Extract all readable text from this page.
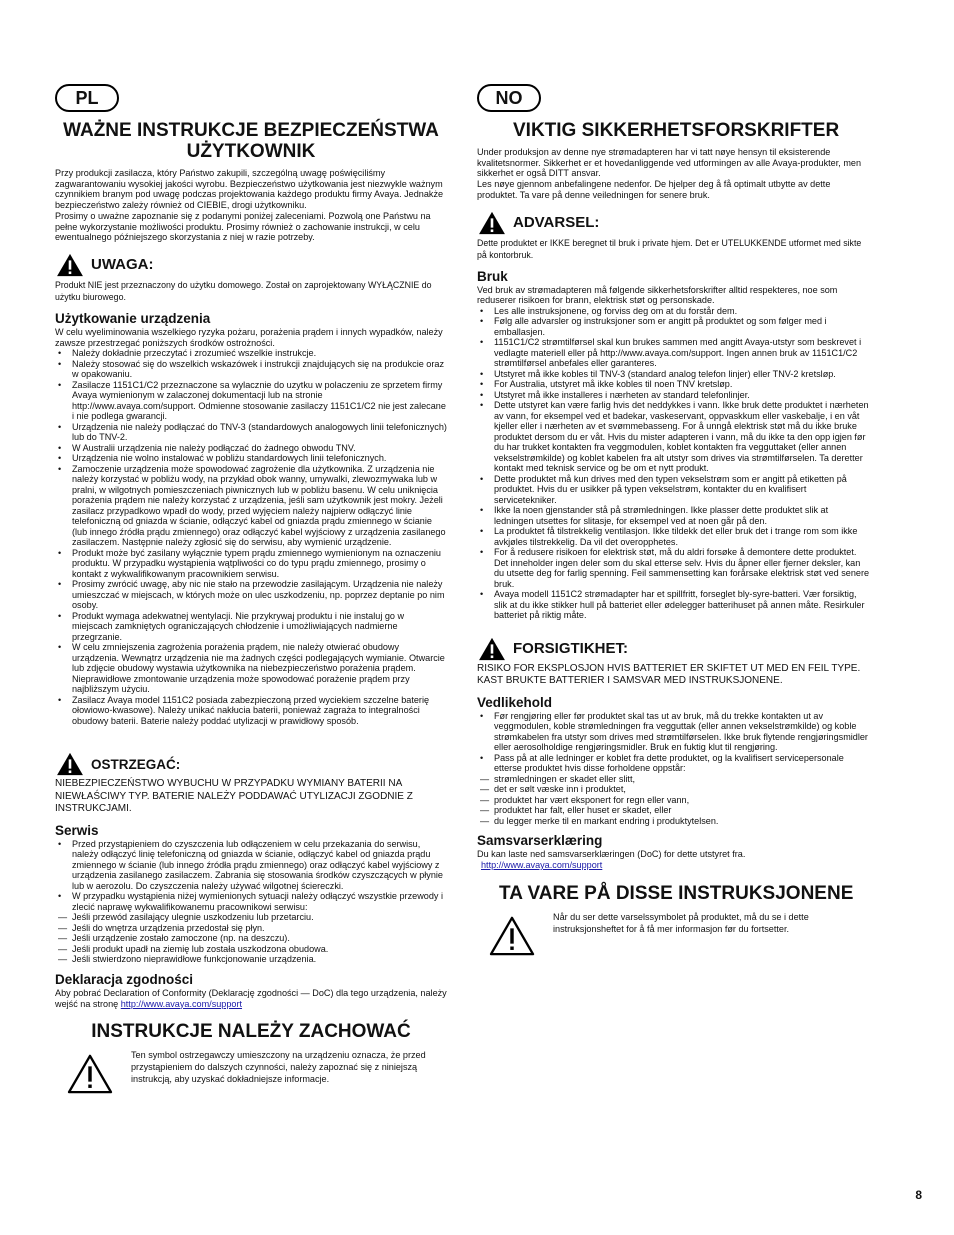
PL
WAŻNE INSTRUKCJE BEZPIECZEŃSTWA UŻYTKOWNIK

Przy produkcji zasilacza, który Państwo zakupili, szczególną uwagę poświęciliśmy zagwarantowaniu wysokiej jakości wyrobu. Bezpieczeństwo użytkowania jest niezwykle ważnym czynnikiem branym pod uwagę podczas projektowania każdego produktu firmy Avaya. Jednakże bezpieczeństwo zależy również od CIEBIE, drogi użytkowniku.
Prosimy o uważne zapoznanie się z podanymi poniżej zaleceniami. Pozwolą one Państwu na pełne wykorzystanie możliwości produktu. Prosimy również o zachowanie instrukcji, w celu ewentualnego późniejszego skorzystania z niej w razie potrzeby.

UWAGA:

Produkt NIE jest przeznaczony do użytku domowego. Został on zaprojektowany WYŁĄCZNIE do użytku biurowego.

Użytkowanie urządzenia

W celu wyeliminowania wszelkiego ryzyka pożaru, porażenia prądem i innych wypadków, należy zawsze przestrzegać poniższych środków ostrożności.

• Należy dokładnie przeczytać i zrozumieć wszelkie instrukcje.
• Należy stosować się do wszelkich wskazówek i instrukcji znajdujących się na produkcie oraz w opakowaniu.
• Zasilacze 1151C1/C2 przeznaczone sa wylacznie do uzytku w polaczeniu ze sprzetem firmy Avaya wymienionym w zalaczonej dokumentacji lub na stronie http://www.avaya.com/support. Odmienne stosowanie zasilaczy 1151C1/C2 nie jest zalecane i nie podlega gwarancji.
• Urządzenia nie należy podłączać do TNV-3 (standardowych analogowych linii telefonicznych) lub do TNV-2.
• W Australii urządzenia nie należy podłączać do żadnego obwodu TNV.
• Urządzenia nie wolno instalować w pobliżu standardowych linii telefonicznych.
• Zamoczenie urządzenia może spowodować zagrożenie dla użytkownika. Z urządzenia nie należy korzystać w pobliżu wody, na przykład obok wanny, umywalki, zlewozmywaka lub w pralni, w wilgotnych pomieszczeniach piwnicznych lub w pobliżu basenu. W celu uniknięcia porażenia prądem nie należy korzystać z urządzenia, jeśli sam użytkownik jest mokry. Jeżeli zasilacz przypadkowo wpadł do wody, przed wyjęciem należy najpierw odłączyć linie telefoniczną od gniazda w ścianie, odłączyć kabel od gniazda prądu zmiennego w ścianie (lub innego źródła prądu zmiennego) oraz odłączyć kabel wyjściowy z urządzenia zasilanego zasilaczem. Następnie należy zgłosić się do serwisu, aby wymienić urządzenie.
• Produkt może być zasilany wyłącznie typem prądu zmiennego wymienionym na oznaczeniu produktu. W przypadku wystąpienia wątpliwości co do typu prądu zmiennego, prosimy o kontakt z wykwalifikowanym pracownikiem serwisu.
• Prosimy zwrócić uwagę, aby nic nie stało na przewodzie zasilającym. Urządzenia nie należy umieszczać w miejscach, w których może on ulec uszkodzeniu, np. poprzez deptanie po nim osoby.
• Produkt wymaga adekwatnej wentylacji. Nie przykrywaj produktu i nie instaluj go w miejscach zamkniętych ograniczających chłodzenie i umożliwiających nadmierne przegrzanie.
• W celu zmniejszenia zagrożenia porażenia prądem, nie należy otwierać obudowy urządzenia. Wewnątrz urządzenia nie ma żadnych części podlegających wymianie. Otwarcie lub zdjęcie obudowy wystawia użytkownika na niebezpieczeństwo porażenia prądem. Nieprawidłowe zmontowanie urządzenia może spowodować porażenie prądem przy najbliższym użyciu.
• Zasilacz Avaya model 1151C2 posiada zabezpieczoną przed wyciekiem szczelne baterię ołowiowo-kwasowe). Należy unikać nakłucia baterii, ponieważ zagraża to integralności obudowy baterii. Baterie należy poddać utylizacji w prawidłowy sposób.
OSTRZEGAĆ:

NIEBEZPIECZEŃSTWO WYBUCHU W PRZYPADKU WYMIANY BATERII NA NIEWŁAŚCIWY TYP. BATERIE NALEŻY PODDAWAĆ UTYLIZACJI ZGODNIE Z INSTRUKCJAMI.

Serwis
• Przed przystąpieniem do czyszczenia lub odłączeniem w celu przekazania do serwisu, należy odłączyć linię telefoniczną od gniazda w ścianie, odłączyć kabel od gniazda prądu zmiennego w ścianie (lub innego źródła prądu zmiennego) oraz odłączyć kabel wyjściowy z urządzenia zasilanego zasilaczem. Zabrania się stosowania środków czyszczących w płynie lub w aerozolu. Do czyszczenia należy używać wilgotnej ściereczki.
• W przypadku wystąpienia niżej wymienionych sytuacji należy odłączyć wszystkie przewody i zlecić naprawę wykwalifikowanemu pracownikowi serwisu:
— Jeśli przewód zasilający ulegnie uszkodzeniu lub przetarciu.
— Jeśli do wnętrza urządzenia przedostał się płyn.
— Jeśli urządzenie zostało zamoczone (np. na deszczu).
— Jeśli produkt upadł na ziemię lub została uszkodzona obudowa.
— Jeśli stwierdzono nieprawidłowe funkcjonowanie urządzenia.
Deklaracja zgodności

Aby pobrać Declaration of Conformity (Deklarację zgodności — DoC) dla tego urządzenia, należy wejść na stronę http://www.avaya.com/support

INSTRUKCJE NALEŻY ZACHOWAĆ

Ten symbol ostrzegawczy umieszczony na urządzeniu oznacza, że przed przystąpieniem do dalszych czynności, należy zapoznać się z niniejszą instrukcją, aby uzyskać dokładniejsze informacje.

NO
VIKTIG SIKKERHETSFORSKRIFTER

Under produksjon av denne nye strømadapteren har vi tatt nøye hensyn til eksisterende kvalitetsnormer. Sikkerhet er et hovedanliggende ved utformingen av alle Avaya-produkter, men sikkerhet er også DITT ansvar.
Les nøye gjennom anbefalingene nedenfor. De hjelper deg å få optimalt utbytte av dette produktet. Ta vare på denne veiledningen for senere bruk.

ADVARSEL:

Dette produktet er IKKE beregnet til bruk i private hjem. Det er UTELUKKENDE utformet med sikte på kontorbruk.

Bruk

Ved bruk av strømadapteren må følgende sikkerhetsforskrifter alltid respekteres, noe som reduserer risikoen for brann, elektrisk støt og personskade.

• Les alle instruksjonene, og forviss deg om at du forstår dem.
• Følg alle advarsler og instruksjoner som er angitt på produktet og som følger med i emballasjen.
• 1151C1/C2 strømtilførsel skal kun brukes sammen med angitt Avaya-utstyr som beskrevet i vedlagte materiell eller på http://www.avaya.com/support. Ingen annen bruk av 1151C1/C2 strømtilførsel anbefales eller garanteres.
• Utstyret må ikke kobles til TNV-3 (standard analog telefon linjer) eller TNV-2 kretsløp.
• For Australia, utstyret må ikke kobles til noen TNV kretsløp.
• Utstyret må ikke installeres i nærheten av standard telefonlinjer.
• Dette utstyret kan være farlig hvis det neddykkes i vann. Ikke bruk dette produktet i nærheten av vann, for eksempel ved et badekar, vaskeservant, oppvaskkum eller vaskebalje, i en våt kjeller eller i nærheten av et svømmebasseng. For å unngå elektrisk støt må du ikke bruke produktet dersom du er våt. Hvis du mister adapteren i vann, må du ikke ta den opp igjen før du har trukket kontakten fra veggmodulen, koblet kontakten fra vegguttaket (eller annen vekselstrømkilde) og koblet kabelen fra alt utstyr som drives via strømtilførselen. Ta deretter kontakt med teknisk service og be om et nytt produkt.
• Dette produktet må kun drives med den typen vekselstrøm som er angitt på etiketten på produktet. Hvis du er usikker på typen vekselstrøm, kontakter du en kvalifisert servicetekniker.
• Ikke la noen gjenstander stå på strømledningen. Ikke plasser dette produktet slik at ledningen utsettes for slitasje, for eksempel ved at noen går på den.
• La produktet få tilstrekkelig ventilasjon. Ikke tildekk det eller bruk det i trange rom som ikke avkjøles tilstrekkelig. Da vil det overopphetes.
• For å redusere risikoen for elektrisk støt, må du aldri forsøke å demontere dette produktet. Det inneholder ingen deler som du skal etterse selv. Hvis du åpner eller fjerner deksler, kan du utsette deg for farlig spenning. Feil sammensetting kan forårsake elektrisk støt ved senere bruk.
• Avaya modell 1151C2 strømadapter har et spillfritt, forseglet bly-syre-batteri. Vær forsiktig, slik at du ikke stikker hull på batteriet eller ødelegger batterihuset på annen måte. Resirkuler batteriet på riktig måte.
FORSIGTIKHET:

RISIKO FOR EKSPLOSJON HVIS BATTERIET ER SKIFTET UT MED EN FEIL TYPE. KAST BRUKTE BATTERIER I SAMSVAR MED INSTRUKSJONENE.

Vedlikehold
• Før rengjøring eller før produktet skal tas ut av bruk, må du trekke kontakten ut av veggmodulen, koble strømledningen fra vegguttak (eller annen vekselstrømkilde) og koble strømkabelen fra utstyr som drives med strømtilførselen. Ikke bruk flytende rengjøringsmidler eller aerosolholdige rengjøringsmidler. Bruk en fuktig klut til rengjøring.
• Pass på at alle ledninger er koblet fra dette produktet, og la kvalifisert servicepersonale etterse produktet hvis disse forholdene oppstår:
— strømledningen er skadet eller slitt,
— det er sølt væske inn i produktet,
— produktet har vært eksponert for regn eller vann,
— produktet har falt, eller huset er skadet, eller
— du legger merke til en markant endring i produktytelsen.
Samsvarserklæring

Du kan laste ned samsvarserklæringen (DoC) for dette utstyret fra.

http://www.avaya.com/support

TA VARE PÅ DISSE INSTRUKSJONENE

Når du ser dette varselssymbolet på produktet, må du se i dette instruksjonsheftet for å få mer informasjon før du fortsetter.

8
